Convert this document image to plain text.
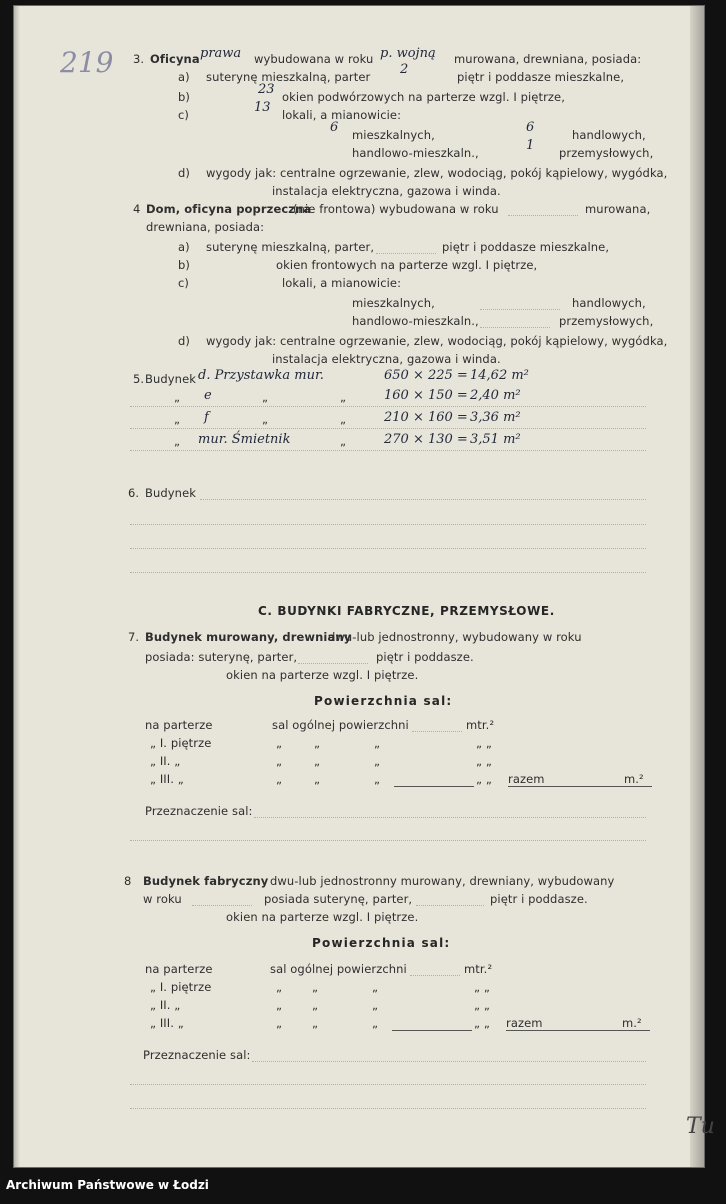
219 3. Oficyna prawa wybudowana w roku p. wojną murowana, drewniana, posiada:
a) suterynę mieszkalną, parter 2	piętr i poddasze mieszkalne,
b)	23 okien podwórzowych na parterze wzgl. I piętrze,
c)	13 lokali, a mianowicie:
6 mieszkalnych,	6	handlowych,
handlowo-mieszkaln.,	1 przemysłowych,
d) wygody jak: centralne ogrzewanie, zlew, wodociąg, pokój kąpielowy, wygódka,
instalacja elektryczna, gazowa i winda.
4 Dom, oficyna poprzeczna
(nie frontowa) wybudowana w roku	murowana,
drewniana, posiada:
a) suterynę mieszkalną, parter,	piętr i poddasze mieszkalne,
b)	okien frontowych na parterze wzgl. I piętrze,
c)	lokali, a mianowicie:
mieszkalnych,	handlowych,
handlowo-mieszkaln.,	przemysłowych,
d) wygody jak: centralne ogrzewanie, zlew, wodociąg, pokój kąpielowy, wygódka,
instalacja elektryczna, gazowa i winda.
5. Budynek d. Przystawka mur.	650 × 225 = 14,62 m²
„ e	„	„	160 × 150 = 2,40 m²
„ f	„	„	210 × 160 = 3,36 m²
„ mur. Śmietnik	„	270 × 130 = 3,51 m²
6. Budynek
C. BUDYNKI FABRYCZNE, PRZEMYSŁOWE.
7. Budynek murowany, drewniany
dwu-lub jednostronny, wybudowany w roku
posiada: suterynę, parter,	piętr i poddasze.
okien na parterze wzgl. I piętrze.
Powierzchnia sal:
na parterze	sal ogólnej powierzchni	mtr.²
„ I. piętrze	„	„	„	„ „
„ II. „	„	„	„	„ „
„ III. „	„	„	„	„ „ razem	m.²
Przeznaczenie sal:
8 Budynek fabryczny dwu-lub jednostronny murowany, drewniany, wybudowany
w roku	posiada suterynę, parter,	piętr i poddasze.
okien na parterze wzgl. I piętrze.
Powierzchnia sal:
na parterze	sal ogólnej powierzchni	mtr.²
„ I. piętrze	„	„	„	„ „
„ II. „	„	„	„	„ „
„ III. „	„	„	„	„ „ razem	m.²
Przeznaczenie sal:
Tu
Archiwum Państwowe w Łodzi
